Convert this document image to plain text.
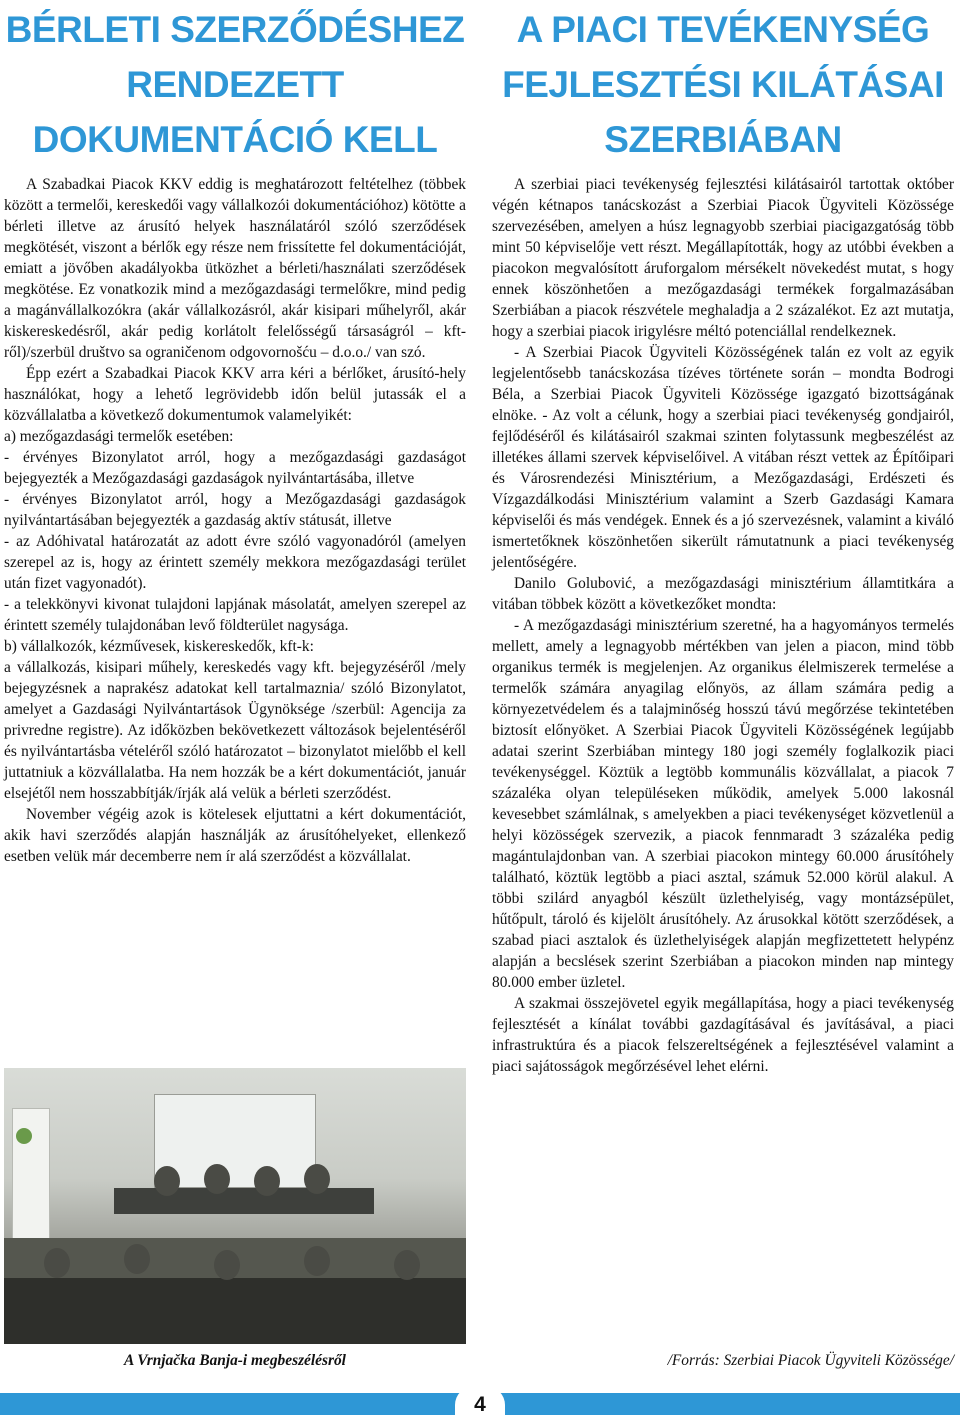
BÉRLETI SZERZŐDÉSHEZ RENDEZETT DOKUMENTÁCIÓ KELL

A Szabadkai Piacok KKV eddig is meghatározott feltételhez (többek között a termelői, kereskedői vagy vállalkozói dokumentációhoz) kötötte a bérleti illetve az árusító helyek használatáról szóló szerződések megkötését, viszont a bérlők egy része nem frissítette fel dokumentációját, emiatt a jövőben akadályokba ütközhet a bérleti/használati szerződések megkötése. Ez vonatkozik mind a mezőgazdasági termelőkre, mind pedig a magánvállalkozókra (akár vállalkozásról, akár kisipari műhelyről, akár kiskereskedésről, akár pedig korlátolt felelősségű társaságról – kft-ről)/szerbül društvo sa ograničenom odgovornošću – d.o.o./ van szó.

Épp ezért a Szabadkai Piacok KKV arra kéri a bérlőket, árusító-hely használókat, hogy a lehető legrövidebb időn belül jutassák el a közvállalatba a következő dokumentumok valamelyikét:

a) mezőgazdasági termelők esetében:

- érvényes Bizonylatot arról, hogy a mezőgazdasági gazdaságot bejegyezték a Mezőgazdasági gazdaságok nyilvántartásába, illetve

- érvényes Bizonylatot arról, hogy a Mezőgazdasági gazdaságok nyilvántartásában bejegyezték a gazdaság aktív státusát, illetve

- az Adóhivatal határozatát az adott évre szóló vagyonadóról (amelyen szerepel az is, hogy az érintett személy mekkora mezőgazdasági terület után fizet vagyonadót).

- a telekkönyvi kivonat tulajdoni lapjának másolatát, amelyen szerepel az érintett személy tulajdonában levő földterület nagysága.

b) vállalkozók, kézművesek, kiskereskedők, kft-k:

a vállalkozás, kisipari műhely, kereskedés vagy kft. bejegyzéséről /mely bejegyzésnek a naprakész adatokat kell tartalmaznia/ szóló Bizonylatot, amelyet a Gazdasági Nyilvántartások Ügynöksége /szerbül: Agencija za privredne registre). Az időközben bekövetkezett változások bejelentéséről és nyilvántartásba vételéről szóló határozatot – bizonylatot mielőbb el kell juttatniuk a közvállalatba. Ha nem hozzák be a kért dokumentációt, január elsejétől nem hosszabbítják/írják alá velük a bérleti szerződést.

November végéig azok is kötelesek eljuttatni a kért dokumentációt, akik havi szerződés alapján használják az árusítóhelyeket, ellenkező esetben velük már decemberre nem ír alá szerződést a közvállalat.

A Vrnjačka Banja-i megbeszélésről
A PIACI TEVÉKENYSÉG FEJLESZTÉSI KILÁTÁSAI SZERBIÁBAN

A szerbiai piaci tevékenység fejlesztési kilátásairól tartottak október végén kétnapos tanácskozást a Szerbiai Piacok Ügyviteli Közössége szervezésében, amelyen a húsz legnagyobb szerbiai piacigazgatóság több mint 50 képviselője vett részt. Megállapították, hogy az utóbbi években a piacokon megvalósított áruforgalom mérsékelt növekedést mutat, s hogy ennek köszönhetően a mezőgazdasági termékek forgalmazásában Szerbiában a piacok részvétele meghaladja a 2 százalékot. Ez azt mutatja, hogy a szerbiai piacok irigylésre méltó potenciállal rendelkeznek.

- A Szerbiai Piacok Ügyviteli Közösségének talán ez volt az egyik legjelentősebb tanácskozása tízéves története során – mondta Bodrogi Béla, a Szerbiai Piacok Ügyviteli Közössége igazgató bizottságának elnöke. - Az volt a célunk, hogy a szerbiai piaci tevékenység gondjairól, fejlődéséről és kilátásairól szakmai szinten folytassunk megbeszélést az illetékes állami szervek képviselőivel. A vitában részt vettek az Építőipari és Városrendezési Minisztérium, a Mezőgazdasági, Erdészeti és Vízgazdálkodási Minisztérium valamint a Szerb Gazdasági Kamara képviselői és más vendégek. Ennek és a jó szervezésnek, valamint a kiváló ismertetőknek köszönhetően sikerült rámutatnunk a piaci tevékenység jelentőségére.

Danilo Golubović, a mezőgazdasági minisztérium államtitkára a vitában többek között a következőket mondta:

- A mezőgazdasági minisztérium szeretné, ha a hagyományos termelés mellett, amely a legnagyobb mértékben van jelen a piacon, mind több organikus termék is megjelenjen. Az organikus élelmiszerek termelése a termelők számára anyagilag előnyös, az állam számára pedig a környezetvédelem és a talajminőség hosszú távú megőrzése tekintetében biztosít előnyöket. A Szerbiai Piacok Ügyviteli Közösségének legújabb adatai szerint Szerbiában mintegy 180 jogi személy foglalkozik piaci tevékenységgel. Köztük a legtöbb kommunális közvállalat, a piacok 7 százaléka olyan településeken működik, amelyek 5.000 lakosnál kevesebbet számlálnak, s amelyekben a piaci tevékenységet közvetlenül a helyi közösségek szervezik, a piacok fennmaradt 3 százaléka pedig magántulajdonban van. A szerbiai piacokon mintegy 60.000 árusítóhely található, köztük legtöbb a piaci asztal, számuk 52.000 körül alakul. A többi szilárd anyagból készült üzlethelyiség, vagy montázsépület, hűtőpult, tároló és kijelölt árusítóhely. Az árusokkal kötött szerződések, a szabad piaci asztalok és üzlethelyiségek alapján megfizettetett helypénz alapján a becslések szerint Szerbiában a piacokon minden nap mintegy 80.000 ember üzletel.

A szakmai összejövetel egyik megállapítása, hogy a piaci tevékenység fejlesztését a kínálat további gazdagításával és javításával, a piaci infrastruktúra és a piacok felszereltségének a fejlesztésével valamint a piaci sajátosságok megőrzésével lehet elérni.

/Forrás: Szerbiai Piacok Ügyviteli Közössége/
4
